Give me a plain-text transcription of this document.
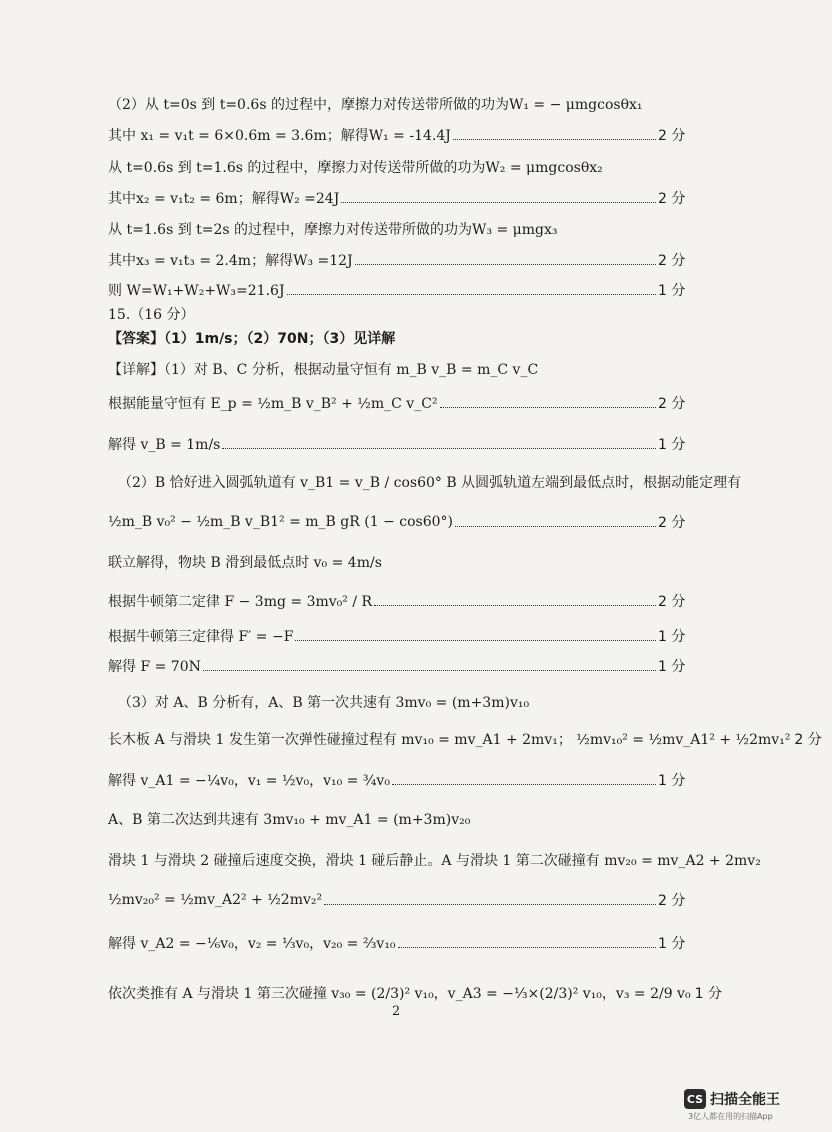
（2）从 t=0s 到 t=0.6s 的过程中，摩擦力对传送带所做的功为W₁ = − μmgcosθx₁
其中 x₁ = v₁t = 6×0.6m = 3.6m；解得W₁ = -14.4J	2 分
从 t=0.6s 到 t=1.6s 的过程中，摩擦力对传送带所做的功为W₂ = μmgcosθx₂
其中x₂ = v₁t₂ = 6m；解得W₂ =24J	2 分
从 t=1.6s 到 t=2s 的过程中，摩擦力对传送带所做的功为W₃ = μmgx₃
其中x₃ = v₁t₃ = 2.4m；解得W₃ =12J	2 分
则 W=W₁+W₂+W₃=21.6J	1 分
15.（16 分）
【答案】（1）1m/s；（2）70N；（3）见详解
【详解】（1）对 B、C 分析，根据动量守恒有 m_B v_B = m_C v_C
根据能量守恒有 E_p = ½m_B v_B² + ½m_C v_C²	2 分
解得 v_B = 1m/s	1 分
（2）B 恰好进入圆弧轨道有 v_B1 = v_B / cos60° B 从圆弧轨道左端到最低点时，根据动能定理有
½m_B v₀² − ½m_B v_B1² = m_B gR (1 − cos60°)	2 分
联立解得，物块 B 滑到最低点时 v₀ = 4m/s
根据牛顿第二定律 F − 3mg = 3mv₀² / R	2 分
根据牛顿第三定律得 F′ = −F	1 分
解得 F = 70N	1 分
（3）对 A、B 分析有，A、B 第一次共速有 3mv₀ = (m+3m)v₁₀
长木板 A 与滑块 1 发生第一次弹性碰撞过程有 mv₁₀ = mv_A1 + 2mv₁； ½mv₁₀² = ½mv_A1² + ½2mv₁² 2 分
解得 v_A1 = −¼v₀，v₁ = ½v₀，v₁₀ = ¾v₀	1 分
A、B 第二次达到共速有 3mv₁₀ + mv_A1 = (m+3m)v₂₀
滑块 1 与滑块 2 碰撞后速度交换，滑块 1 碰后静止。A 与滑块 1 第二次碰撞有 mv₂₀ = mv_A2 + 2mv₂
½mv₂₀² = ½mv_A2² + ½2mv₂²	2 分
解得 v_A2 = −⅙v₀，v₂ = ⅓v₀，v₂₀ = ⅔v₁₀	1 分
依次类推有 A 与滑块 1 第三次碰撞 v₃₀ = (2/3)² v₁₀，v_A3 = −⅓×(2/3)² v₁₀，v₃ = 2/9 v₀ 1 分
2
CS 扫描全能王
3亿人都在用的扫描App
